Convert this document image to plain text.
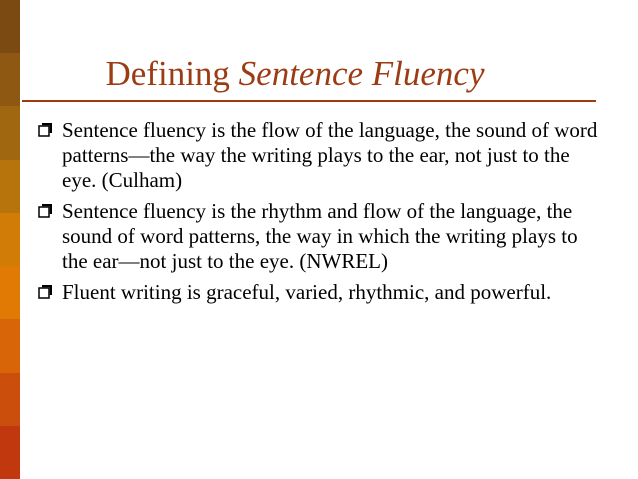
Defining Sentence Fluency
Sentence fluency is the flow of the language, the sound of word patterns—the way the writing plays to the ear, not just to the eye. (Culham)
Sentence fluency is the rhythm and flow of the language, the sound of word patterns, the way in which the writing plays to the ear—not just to the eye. (NWREL)
Fluent writing is graceful, varied, rhythmic, and powerful.
